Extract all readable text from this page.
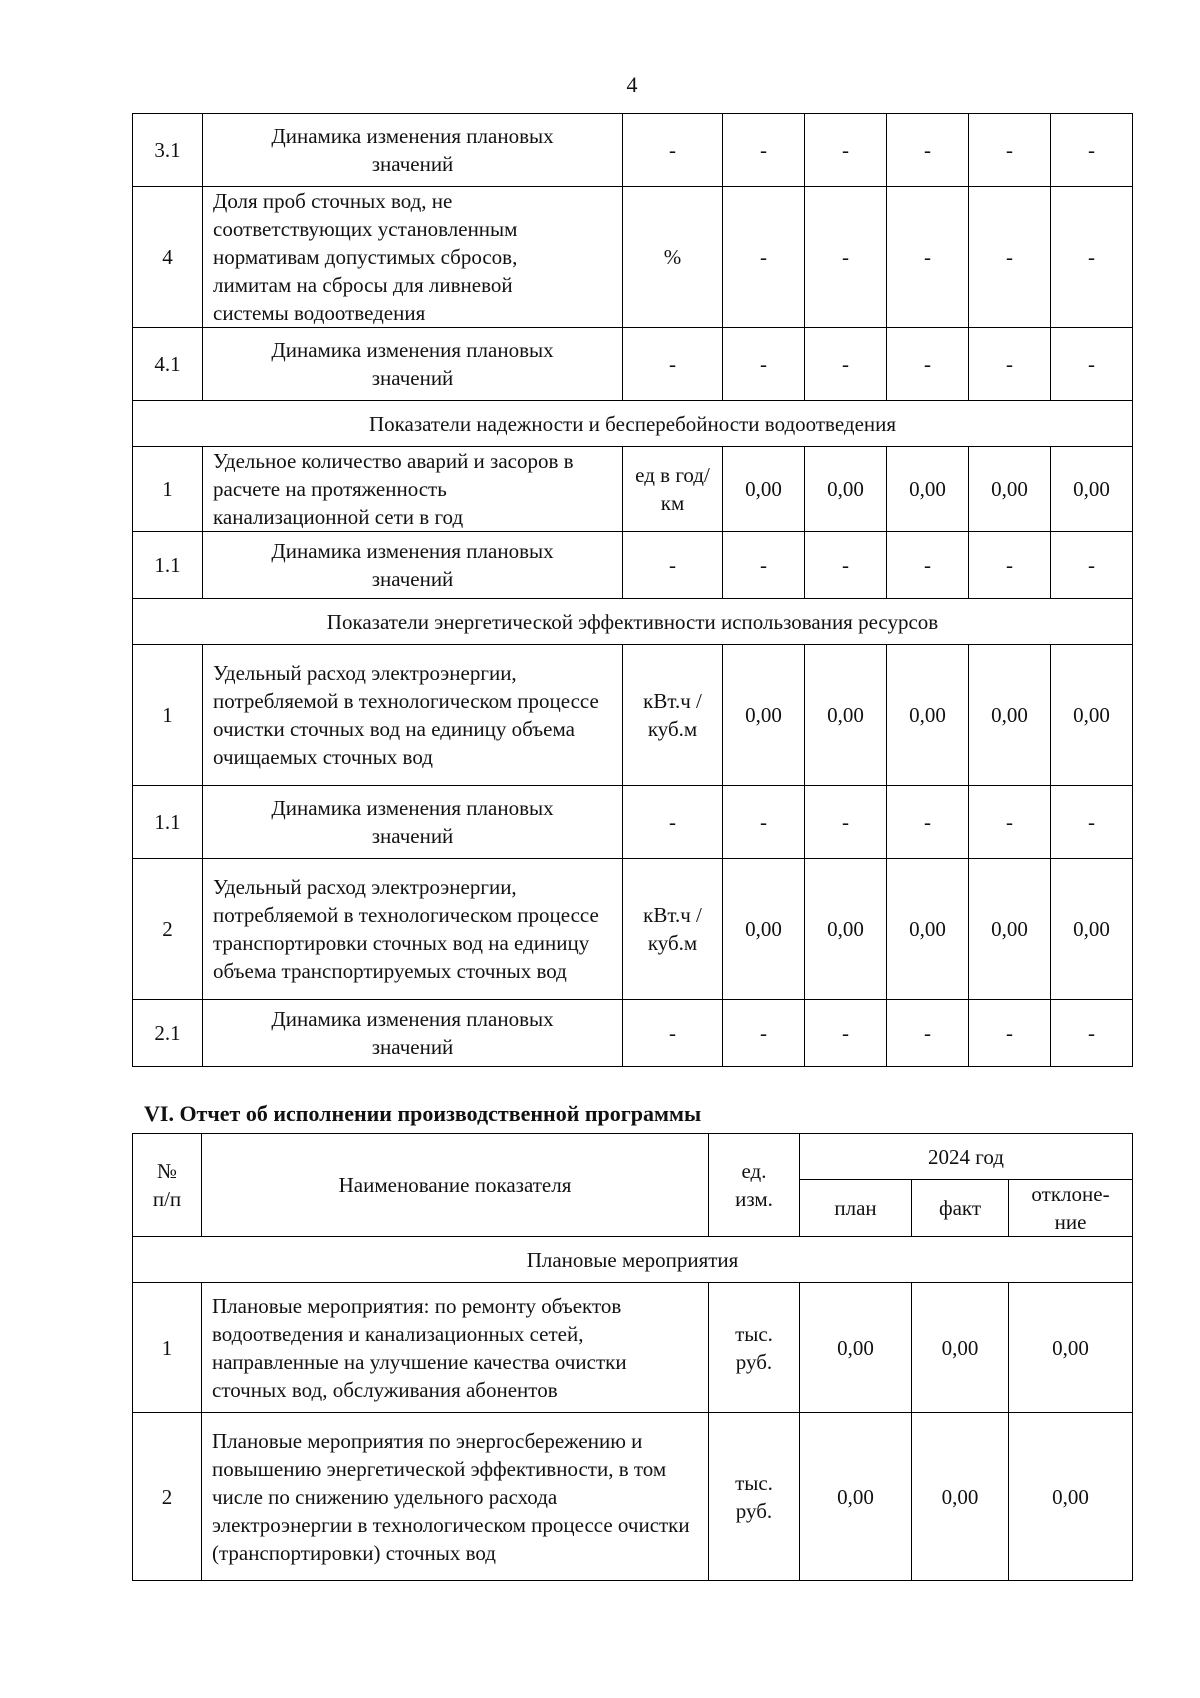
4
3.1	Динамика изменения плановых значений	-	-	-	-	-	-
4	Доля проб сточных вод, не соответствующих установленным нормативам допустимых сбросов, лимитам на сбросы для ливневой системы водоотведения	%	-	-	-	-	-
4.1	Динамика изменения плановых значений	-	-	-	-	-	-
Показатели надежности и бесперебойности водоотведения							
1	Удельное количество аварий и засоров в расчете на протяженность канализационной сети в год	ед в год/ км	0,00	0,00	0,00	0,00	0,00
1.1	Динамика изменения плановых значений	-	-	-	-	-	-
Показатели энергетической эффективности использования ресурсов							
1	Удельный расход электроэнергии, потребляемой в технологическом процессе очистки сточных вод на единицу объема очищаемых сточных вод	кВт.ч / куб.м	0,00	0,00	0,00	0,00	0,00
1.1	Динамика изменения плановых значений	-	-	-	-	-	-
2	Удельный расход электроэнергии, потребляемой в технологическом процессе транспортировки сточных вод на единицу объема транспортируемых сточных вод	кВт.ч / куб.м	0,00	0,00	0,00	0,00	0,00
2.1	Динамика изменения плановых значений	-	-	-	-	-	-
VI. Отчет об исполнении производственной программы
№ п/п	Наименование показателя	ед. изм.	2024 год		
			план	факт	отклоне-ние
Плановые мероприятия					
1	Плановые мероприятия: по ремонту объектов водоотведения и канализационных сетей, направленные на улучшение качества очистки сточных вод, обслуживания абонентов	тыс. руб.	0,00	0,00	0,00
2	Плановые мероприятия по энергосбережению и повышению энергетической эффективности, в том числе по снижению удельного расхода электроэнергии в технологическом процессе очистки (транспортировки) сточных вод	тыс. руб.	0,00	0,00	0,00
